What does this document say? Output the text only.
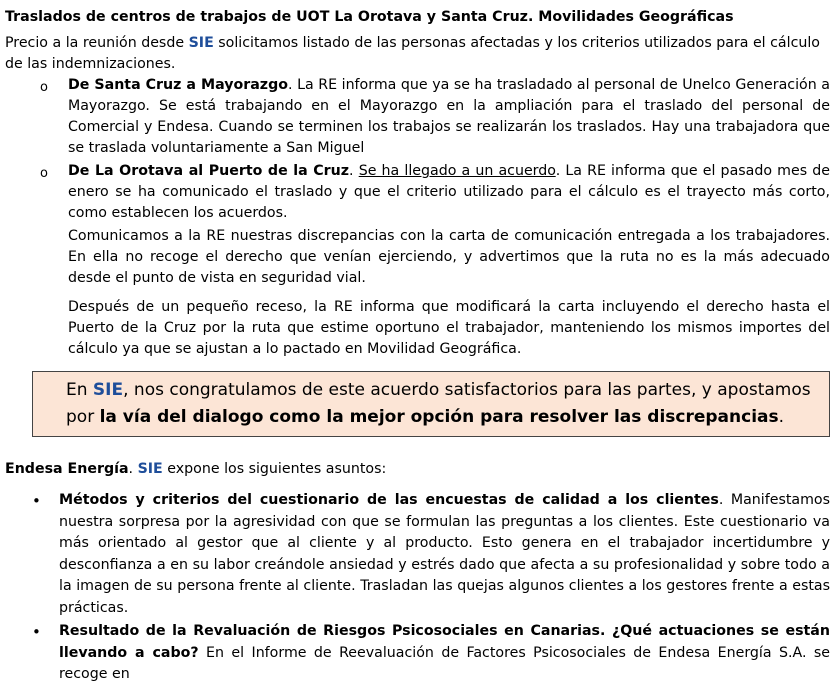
Traslados de centros de trabajos de UOT La Orotava y Santa Cruz. Movilidades Geográficas
Precio a la reunión desde SIE solicitamos listado de las personas afectadas y los criterios utilizados para el cálculo de las indemnizaciones.
o De Santa Cruz a Mayorazgo. La RE informa que ya se ha trasladado al personal de Unelco Generación a Mayorazgo. Se está trabajando en el Mayorazgo en la ampliación para el traslado del personal de Comercial y Endesa. Cuando se terminen los trabajos se realizarán los traslados. Hay una trabajadora que se traslada voluntariamente a San Miguel
o De La Orotava al Puerto de la Cruz. Se ha llegado a un acuerdo. La RE informa que el pasado mes de enero se ha comunicado el traslado y que el criterio utilizado para el cálculo es el trayecto más corto, como establecen los acuerdos.
Comunicamos a la RE nuestras discrepancias con la carta de comunicación entregada a los trabajadores. En ella no recoge el derecho que venían ejerciendo, y advertimos que la ruta no es la más adecuado desde el punto de vista en seguridad vial.
Después de un pequeño receso, la RE informa que modificará la carta incluyendo el derecho hasta el Puerto de la Cruz por la ruta que estime oportuno el trabajador, manteniendo los mismos importes del cálculo ya que se ajustan a lo pactado en Movilidad Geográfica.
En SIE, nos congratulamos de este acuerdo satisfactorios para las partes, y apostamos por la vía del dialogo como la mejor opción para resolver las discrepancias.
Endesa Energía. SIE expone los siguientes asuntos:
• Métodos y criterios del cuestionario de las encuestas de calidad a los clientes. Manifestamos nuestra sorpresa por la agresividad con que se formulan las preguntas a los clientes. Este cuestionario va más orientado al gestor que al cliente y al producto. Esto genera en el trabajador incertidumbre y desconfianza a en su labor creándole ansiedad y estrés dado que afecta a su profesionalidad y sobre todo a la imagen de su persona frente al cliente. Trasladan las quejas algunos clientes a los gestores frente a estas prácticas.
• Resultado de la Revaluación de Riesgos Psicosociales en Canarias. ¿Qué actuaciones se están llevando a cabo? En el Informe de Reevaluación de Factores Psicosociales de Endesa Energía S.A. se recoge en
